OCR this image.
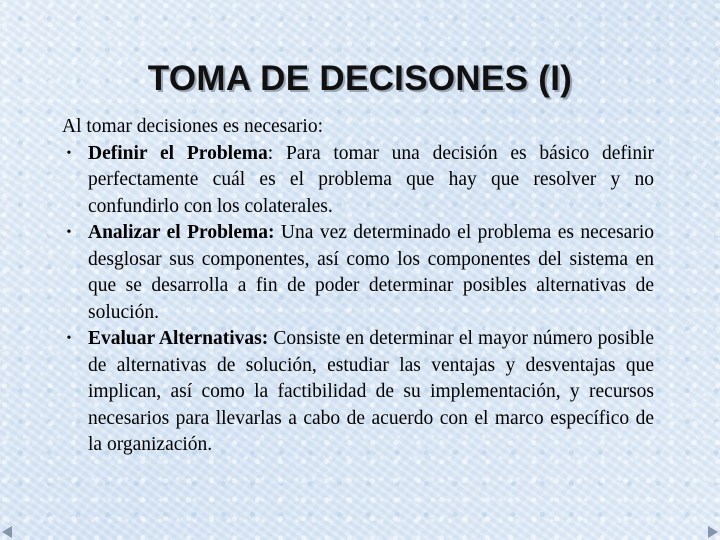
TOMA DE DECISONES (I)

Al tomar decisiones es necesario:

• Definir el Problema: Para tomar una decisión es básico definir perfectamente cuál es el problema que hay que resolver y no confundirlo con los colaterales.
• Analizar el Problema: Una vez determinado el problema es necesario desglosar sus componentes, así como los componentes del sistema en que se desarrolla a fin de poder determinar posibles alternativas de solución.
• Evaluar Alternativas: Consiste en determinar el mayor número posible de alternativas de solución, estudiar las ventajas y desventajas que implican, así como la factibilidad de su implementación, y recursos necesarios para llevarlas a cabo de acuerdo con el marco específico de la organización.
